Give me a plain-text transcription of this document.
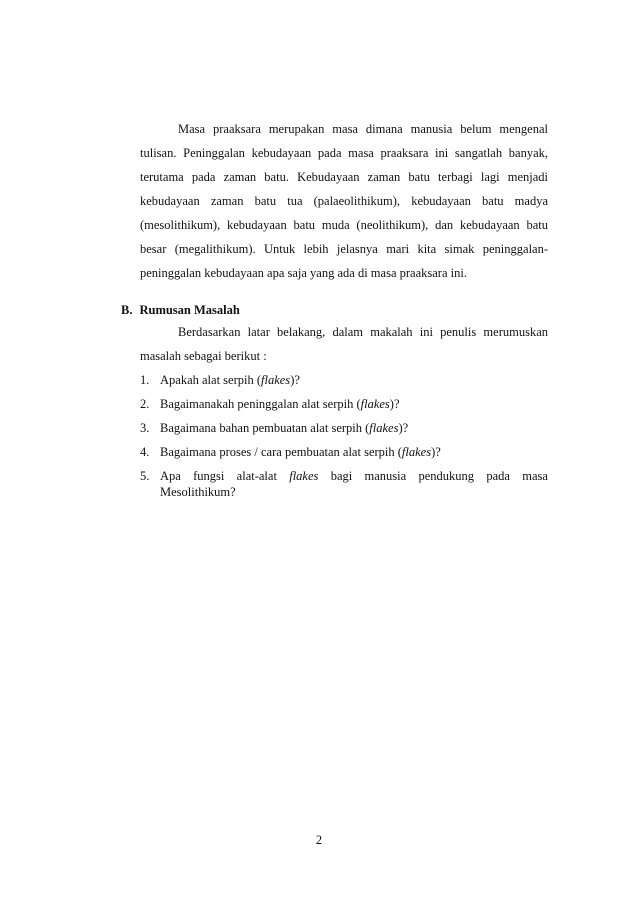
Masa praaksara merupakan masa dimana manusia belum mengenal
tulisan. Peninggalan kebudayaan pada masa praaksara ini sangatlah banyak,
terutama pada zaman batu. Kebudayaan zaman batu terbagi lagi menjadi
kebudayaan zaman batu tua (palaeolithikum), kebudayaan batu madya
(mesolithikum), kebudayaan batu muda (neolithikum), dan kebudayaan batu
besar (megalithikum). Untuk lebih jelasnya mari kita simak peninggalan-
peninggalan kebudayaan apa saja yang ada di masa praaksara ini.
B. Rumusan Masalah
Berdasarkan latar belakang, dalam makalah ini penulis merumuskan
masalah sebagai berikut :
1. Apakah alat serpih (flakes)?
2. Bagaimanakah peninggalan alat serpih (flakes)?
3. Bagaimana bahan pembuatan alat serpih (flakes)?
4. Bagaimana proses / cara pembuatan alat serpih (flakes)?
5. Apa fungsi alat-alat flakes bagi manusia pendukung pada masa
Mesolithikum?
2
